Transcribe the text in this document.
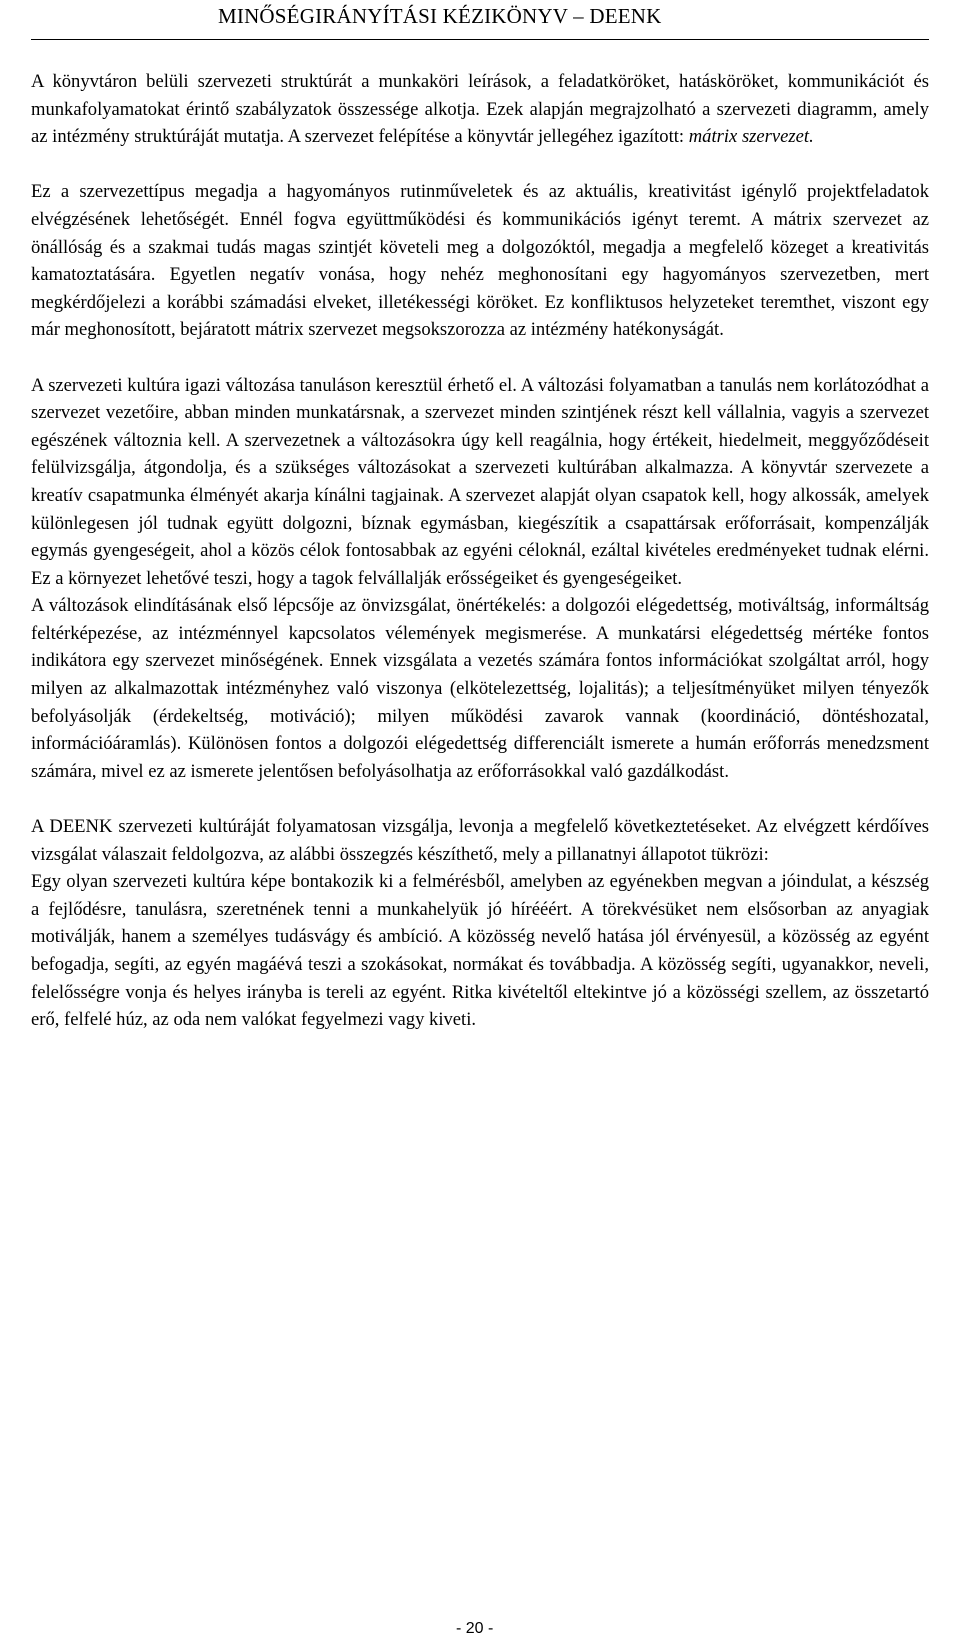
MINŐSÉGIRÁNYÍTÁSI KÉZIKÖNYV – DEENK

A könyvtáron belüli szervezeti struktúrát a munkaköri leírások, a feladatköröket, hatásköröket, kommunikációt és munkafolyamatokat érintő szabályzatok összessége alkotja. Ezek alapján megrajzolható a szervezeti diagramm, amely az intézmény struktúráját mutatja. A szervezet felépítése a könyvtár jellegéhez igazított: mátrix szervezet.

Ez a szervezettípus megadja a hagyományos rutinműveletek és az aktuális, kreativitást igénylő projektfeladatok elvégzésének lehetőségét. Ennél fogva együttműködési és kommunikációs igényt teremt. A mátrix szervezet az önállóság és a szakmai tudás magas szintjét követeli meg a dolgozóktól, megadja a megfelelő közeget a kreativitás kamatoztatására. Egyetlen negatív vonása, hogy nehéz meghonosítani egy hagyományos szervezetben, mert megkérdőjelezi a korábbi számadási elveket, illetékességi köröket. Ez konfliktusos helyzeteket teremthet, viszont egy már meghonosított, bejáratott mátrix szervezet megsokszorozza az intézmény hatékonyságát.

A szervezeti kultúra igazi változása tanuláson keresztül érhető el. A változási folyamatban a tanulás nem korlátozódhat a szervezet vezetőire, abban minden munkatársnak, a szervezet minden szintjének részt kell vállalnia, vagyis a szervezet egészének változnia kell. A szervezetnek a változásokra úgy kell reagálnia, hogy értékeit, hiedelmeit, meggyőződéseit felülvizsgálja, átgondolja, és a szükséges változásokat a szervezeti kultúrában alkalmazza. A könyvtár szervezete a kreatív csapatmunka élményét akarja kínálni tagjainak. A szervezet alapját olyan csapatok kell, hogy alkossák, amelyek különlegesen jól tudnak együtt dolgozni, bíznak egymásban, kiegészítik a csapattársak erőforrásait, kompenzálják egymás gyengeségeit, ahol a közös célok fontosabbak az egyéni céloknál, ezáltal kivételes eredményeket tudnak elérni. Ez a környezet lehetővé teszi, hogy a tagok felvállalják erősségeiket és gyengeségeiket.

A változások elindításának első lépcsője az önvizsgálat, önértékelés: a dolgozói elégedettség, motiváltság, informáltság feltérképezése, az intézménnyel kapcsolatos vélemények megismerése. A munkatársi elégedettség mértéke fontos indikátora egy szervezet minőségének. Ennek vizsgálata a vezetés számára fontos információkat szolgáltat arról, hogy milyen az alkalmazottak intézményhez való viszonya (elkötelezettség, lojalitás); a teljesítményüket milyen tényezők befolyásolják (érdekeltség, motiváció); milyen működési zavarok vannak (koordináció, döntéshozatal, információáramlás). Különösen fontos a dolgozói elégedettség differenciált ismerete a humán erőforrás menedzsment számára, mivel ez az ismerete jelentősen befolyásolhatja az erőforrásokkal való gazdálkodást.

A DEENK szervezeti kultúráját folyamatosan vizsgálja, levonja a megfelelő következtetéseket. Az elvégzett kérdőíves vizsgálat válaszait feldolgozva, az alábbi összegzés készíthető, mely a pillanatnyi állapotot tükrözi:

Egy olyan szervezeti kultúra képe bontakozik ki a felmérésből, amelyben az egyénekben megvan a jóindulat, a készség a fejlődésre, tanulásra, szeretnének tenni a munkahelyük jó hírééért. A törekvésüket nem elsősorban az anyagiak motiválják, hanem a személyes tudásvágy és ambíció. A közösség nevelő hatása jól érvényesül, a közösség az egyént befogadja, segíti, az egyén magáévá teszi a szokásokat, normákat és továbbadja. A közösség segíti, ugyanakkor, neveli, felelősségre vonja és helyes irányba is tereli az egyént. Ritka kivételtől eltekintve jó a közösségi szellem, az összetartó erő, felfelé húz, az oda nem valókat fegyelmezi vagy kiveti.

- 20 -
